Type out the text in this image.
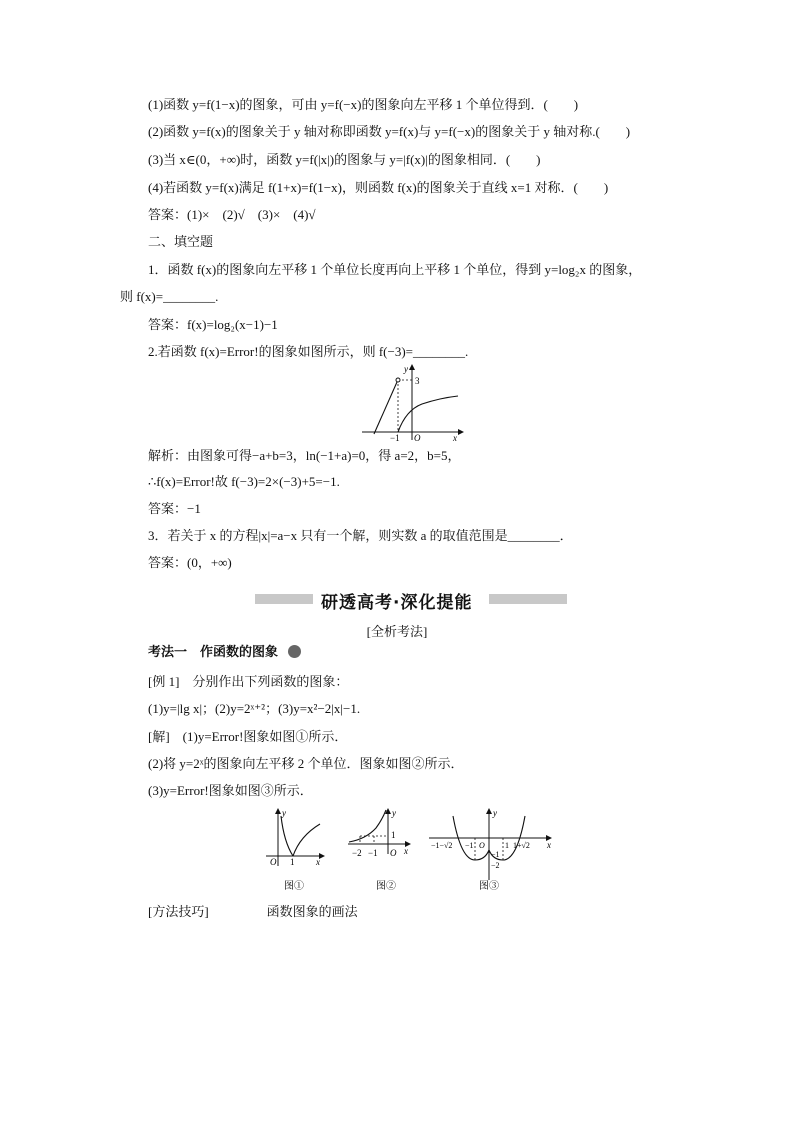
(1)函数 y=f(1−x)的图象，可由 y=f(−x)的图象向左平移 1 个单位得到．(　　)
(2)函数 y=f(x)的图象关于 y 轴对称即函数 y=f(x)与 y=f(−x)的图象关于 y 轴对称.(　　)
(3)当 x∈(0，+∞)时，函数 y=f(|x|)的图象与 y=|f(x)|的图象相同．(　　)
(4)若函数 y=f(x)满足 f(1+x)=f(1−x)，则函数 f(x)的图象关于直线 x=1 对称．(　　)
答案：(1)×　(2)√　(3)×　(4)√
二、填空题
1．函数 f(x)的图象向左平移 1 个单位长度再向上平移 1 个单位，得到 y=log₂x 的图象，
则 f(x)=________.
答案：f(x)=log₂(x−1)−1
2.若函数 f(x)=Error!的图象如图所示，则 f(−3)=________.
y
3
−1 O	x
解析：由图象可得−a+b=3，ln(−1+a)=0，得 a=2，b=5，
∴f(x)=Error!故 f(−3)=2×(−3)+5=−1.
答案：−1
3．若关于 x 的方程|x|=a−x 只有一个解，则实数 a 的取值范围是________．
答案：(0，+∞)
研透高考·深化提能
[全析考法]
考法一　作函数的图象
[例 1]　分别作出下列函数的图象：
(1)y=|lg x|；(2)y=2ˣ⁺²；(3)y=x²−2|x|−1.
[解]　(1)y=Error!图象如图①所示．
(2)将 y=2ˣ的图象向左平移 2 个单位．图象如图②所示．
(3)y=Error!图象如图③所示．
y
O 1 x
图①
y
1
−2 −1 O x
图②
y
−1−√2 −1	1 1+√2
O
−1
−2
x
图③
[方法技巧]	函数图象的画法
